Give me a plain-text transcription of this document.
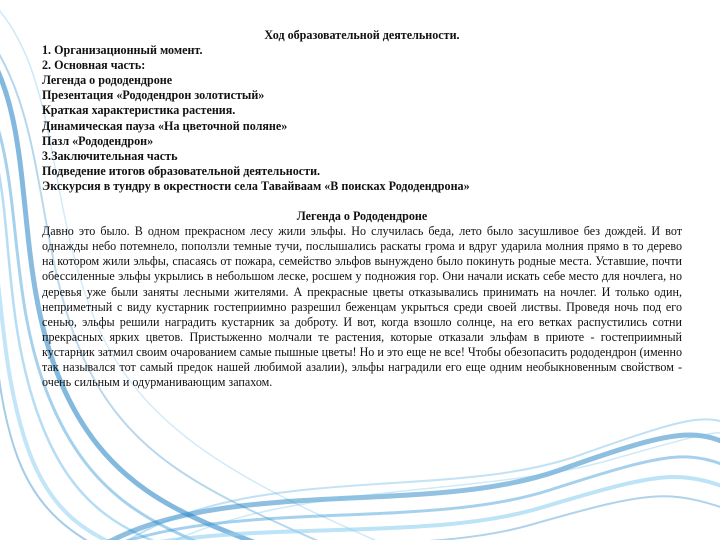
Ход образовательной деятельности.

1. Организационный момент.

2. Основная часть:

Легенда о рододендроне

Презентация «Рододендрон золотистый»

Краткая характеристика растения.

Динамическая пауза «На цветочной поляне»

Пазл «Рододендрон»

3.Заключительная часть

Подведение итогов образовательной деятельности.

Экскурсия в тундру в окрестности села Тавайваам «В поисках Рододендрона»

Легенда о Рододендроне

Давно это было. В одном прекрасном лесу жили эльфы. Но случилась беда, лето было засушливое без дождей. И вот однажды небо потемнело, поползли темные тучи, послышались раскаты грома и вдруг ударила молния прямо в то дерево на котором жили эльфы, спасаясь от пожара, семейство эльфов вынуждено было покинуть родные места. Уставшие, почти обессиленные эльфы укрылись в небольшом леске, росшем у подножия гор. Они начали искать себе место для ночлега, но деревья уже были заняты лесными жителями. А прекрасные цветы отказывались принимать на ночлег. И только один, неприметный с виду кустарник гостеприимно разрешил беженцам укрыться среди своей листвы. Проведя ночь под его сенью, эльфы решили наградить кустарник за доброту. И вот, когда взошло солнце, на его ветках распустились сотни прекрасных ярких цветов. Пристыженно молчали те растения, которые отказали эльфам в приюте - гостеприимный кустарник затмил своим очарованием самые пышные цветы! Но и это еще не все! Чтобы обезопасить рододендрон (именно так назывался тот самый предок нашей любимой азалии), эльфы наградили его еще одним необыкновенным свойством - очень сильным и одурманивающим запахом.
